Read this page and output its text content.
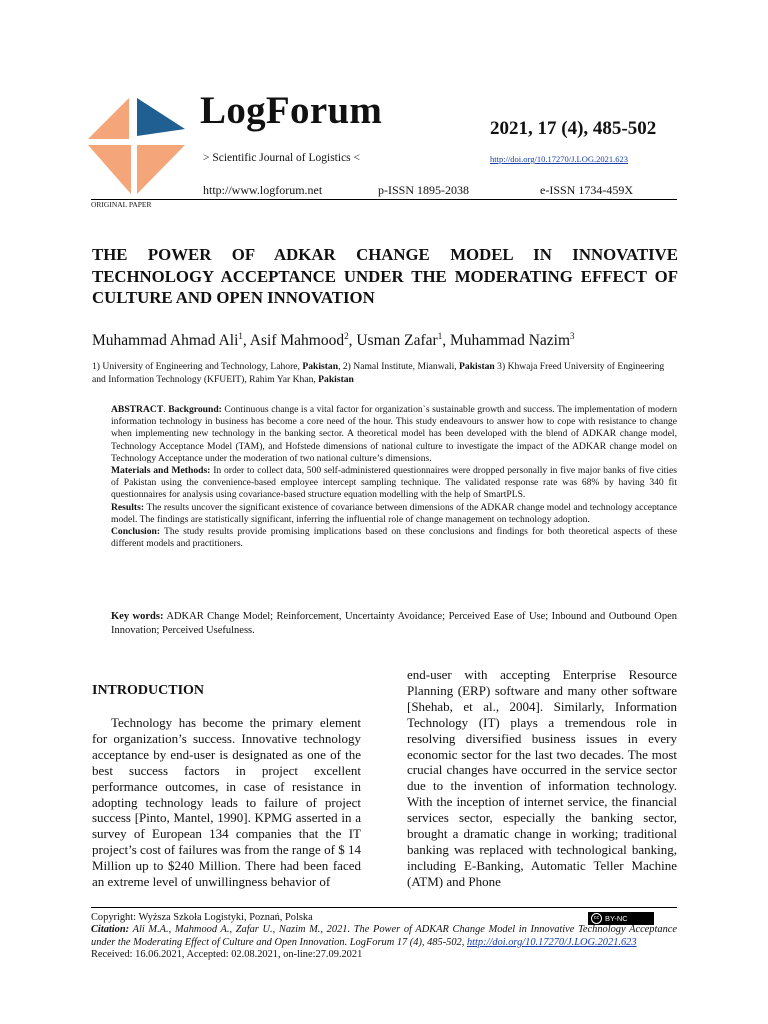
LogForum
> Scientific Journal of Logistics <
2021, 17 (4), 485-502
http://doi.org/10.17270/J.LOG.2021.623
http://www.logforum.net	p-ISSN 1895-2038	e-ISSN 1734-459X
ORIGINAL PAPER
THE POWER OF ADKAR CHANGE MODEL IN INNOVATIVE TECHNOLOGY ACCEPTANCE UNDER THE MODERATING EFFECT OF CULTURE AND OPEN INNOVATION
Muhammad Ahmad Ali$^1$, Asif Mahmood$^2$, Usman Zafar$^1$, Muhammad Nazim$^3$
1) University of Engineering and Technology, Lahore, Pakistan, 2) Namal Institute, Mianwali, Pakistan 3) Khwaja Freed University of Engineering and Information Technology (KFUEIT), Rahim Yar Khan, Pakistan

ABSTRACT. Background: Continuous change is a vital factor for organization`s sustainable growth and success. The implementation of modern information technology in business has become a core need of the hour. This study endeavours to answer how to cope with resistance to change when implementing new technology in the banking sector. A theoretical model has been developed with the blend of ADKAR change model, Technology Acceptance Model (TAM), and Hofstede dimensions of national culture to investigate the impact of the ADKAR change model on Technology Acceptance under the moderation of two national culture’s dimensions.

Materials and Methods: In order to collect data, 500 self-administered questionnaires were dropped personally in five major banks of five cities of Pakistan using the convenience-based employee intercept sampling technique. The validated response rate was 68% by having 340 fit questionnaires for analysis using covariance-based structure equation modelling with the help of SmartPLS.

Results: The results uncover the significant existence of covariance between dimensions of the ADKAR change model and technology acceptance model. The findings are statistically significant, inferring the influential role of change management on technology adoption.

Conclusion: The study results provide promising implications based on these conclusions and findings for both theoretical aspects of these different models and practitioners.

Key words: ADKAR Change Model; Reinforcement, Uncertainty Avoidance; Perceived Ease of Use; Inbound and Outbound Open Innovation; Perceived Usefulness.
INTRODUCTION
Technology has become the primary element for organization’s success. Innovative technology acceptance by end-user is designated as one of the best success factors in project excellent performance outcomes, in case of resistance in adopting technology leads to failure of project success [Pinto, Mantel, 1990]. KPMG asserted in a survey of European 134 companies that the IT project’s cost of failures was from the range of $ 14 Million up to $240 Million. There had been faced an extreme level of unwillingness behavior of
end-user with accepting Enterprise Resource Planning (ERP) software and many other software [Shehab, et al., 2004]. Similarly, Information Technology (IT) plays a tremendous role in resolving diversified business issues in every economic sector for the last two decades. The most crucial changes have occurred in the service sector due to the invention of information technology. With the inception of internet service, the financial services sector, especially the banking sector, brought a dramatic change in working; traditional banking was replaced with technological banking, including E-Banking, Automatic Teller Machine (ATM) and Phone
cc BY-NC
Copyright: Wyższa Szkoła Logistyki, Poznań, Polska
Citation: Ali M.A., Mahmood A., Zafar U., Nazim M., 2021. The Power of ADKAR Change Model in Innovative Technology Acceptance under the Moderating Effect of Culture and Open Innovation. LogForum 17 (4), 485-502, http://doi.org/10.17270/J.LOG.2021.623
Received: 16.06.2021, Accepted: 02.08.2021, on-line:27.09.2021
